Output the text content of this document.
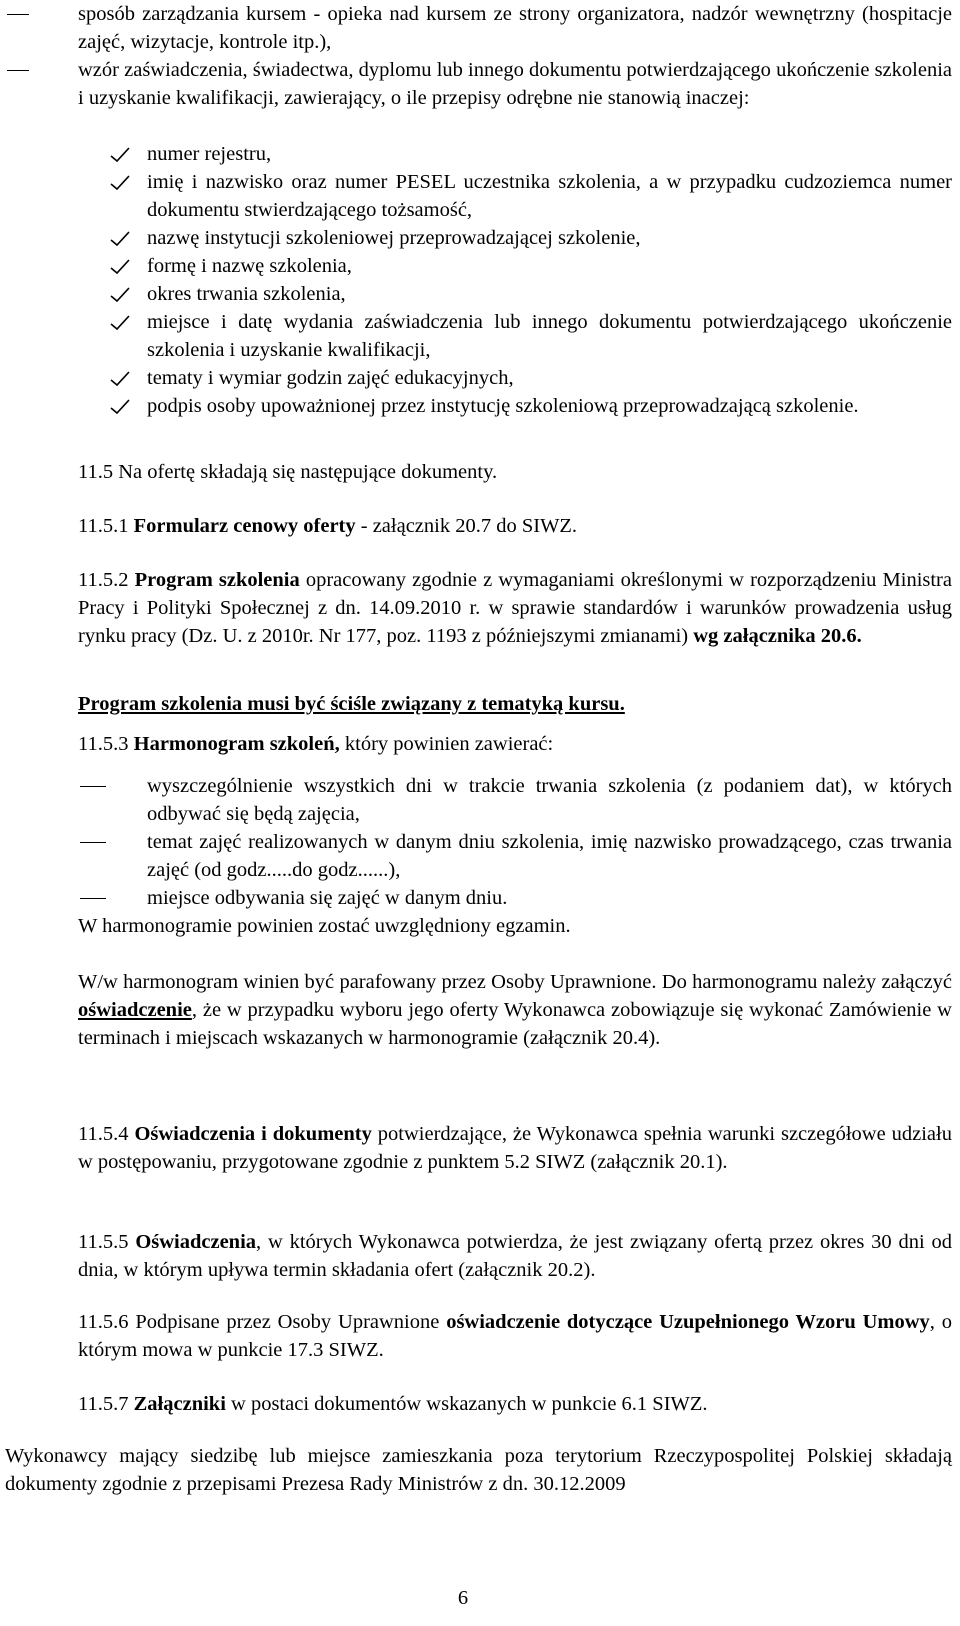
sposób zarządzania kursem - opieka nad kursem ze strony organizatora, nadzór wewnętrzny (hospitacje zajęć, wizytacje, kontrole itp.),
wzór zaświadczenia, świadectwa, dyplomu lub innego dokumentu potwierdzającego ukończenie szkolenia i uzyskanie kwalifikacji, zawierający, o ile przepisy odrębne nie stanowią inaczej:
numer rejestru,
imię i nazwisko oraz numer PESEL uczestnika szkolenia, a w przypadku cudzoziemca numer dokumentu stwierdzającego tożsamość,
nazwę instytucji szkoleniowej przeprowadzającej szkolenie,
formę i nazwę szkolenia,
okres trwania szkolenia,
miejsce i datę wydania zaświadczenia lub innego dokumentu potwierdzającego ukończenie szkolenia i uzyskanie kwalifikacji,
tematy i wymiar godzin zajęć edukacyjnych,
podpis osoby upoważnionej przez instytucję szkoleniową przeprowadzającą szkolenie.
11.5 Na ofertę składają się następujące dokumenty.
11.5.1 Formularz cenowy oferty - załącznik 20.7 do SIWZ.
11.5.2 Program szkolenia opracowany zgodnie z wymaganiami określonymi w rozporządzeniu Ministra Pracy i Polityki Społecznej z dn. 14.09.2010 r. w sprawie standardów i warunków prowadzenia usług rynku pracy (Dz. U. z 2010r. Nr 177, poz. 1193 z późniejszymi zmianami) wg załącznika 20.6.
Program szkolenia musi być ściśle związany z tematyką kursu.
11.5.3 Harmonogram szkoleń, który powinien zawierać:
wyszczególnienie wszystkich dni w trakcie trwania szkolenia (z podaniem dat), w których odbywać się będą zajęcia,
temat zajęć realizowanych w danym dniu szkolenia, imię nazwisko prowadzącego, czas trwania zajęć (od godz.....do godz......),
miejsce odbywania się zajęć w danym dniu.
W harmonogramie powinien zostać uwzględniony egzamin.
W/w harmonogram winien być parafowany przez Osoby Uprawnione. Do harmonogramu należy załączyć oświadczenie, że w przypadku wyboru jego oferty Wykonawca zobowiązuje się wykonać Zamówienie w terminach i miejscach wskazanych w harmonogramie (załącznik 20.4).
11.5.4 Oświadczenia i dokumenty potwierdzające, że Wykonawca spełnia warunki szczegółowe udziału w postępowaniu, przygotowane zgodnie z punktem 5.2 SIWZ (załącznik 20.1).
11.5.5 Oświadczenia, w których Wykonawca potwierdza, że jest związany ofertą przez okres 30 dni od dnia, w którym upływa termin składania ofert (załącznik 20.2).
11.5.6 Podpisane przez Osoby Uprawnione oświadczenie dotyczące Uzupełnionego Wzoru Umowy, o którym mowa w punkcie 17.3 SIWZ.
11.5.7 Załączniki w postaci dokumentów wskazanych w punkcie 6.1 SIWZ.
Wykonawcy mający siedzibę lub miejsce zamieszkania poza terytorium Rzeczypospolitej Polskiej składają dokumenty zgodnie z przepisami Prezesa Rady Ministrów z dn. 30.12.2009
6
